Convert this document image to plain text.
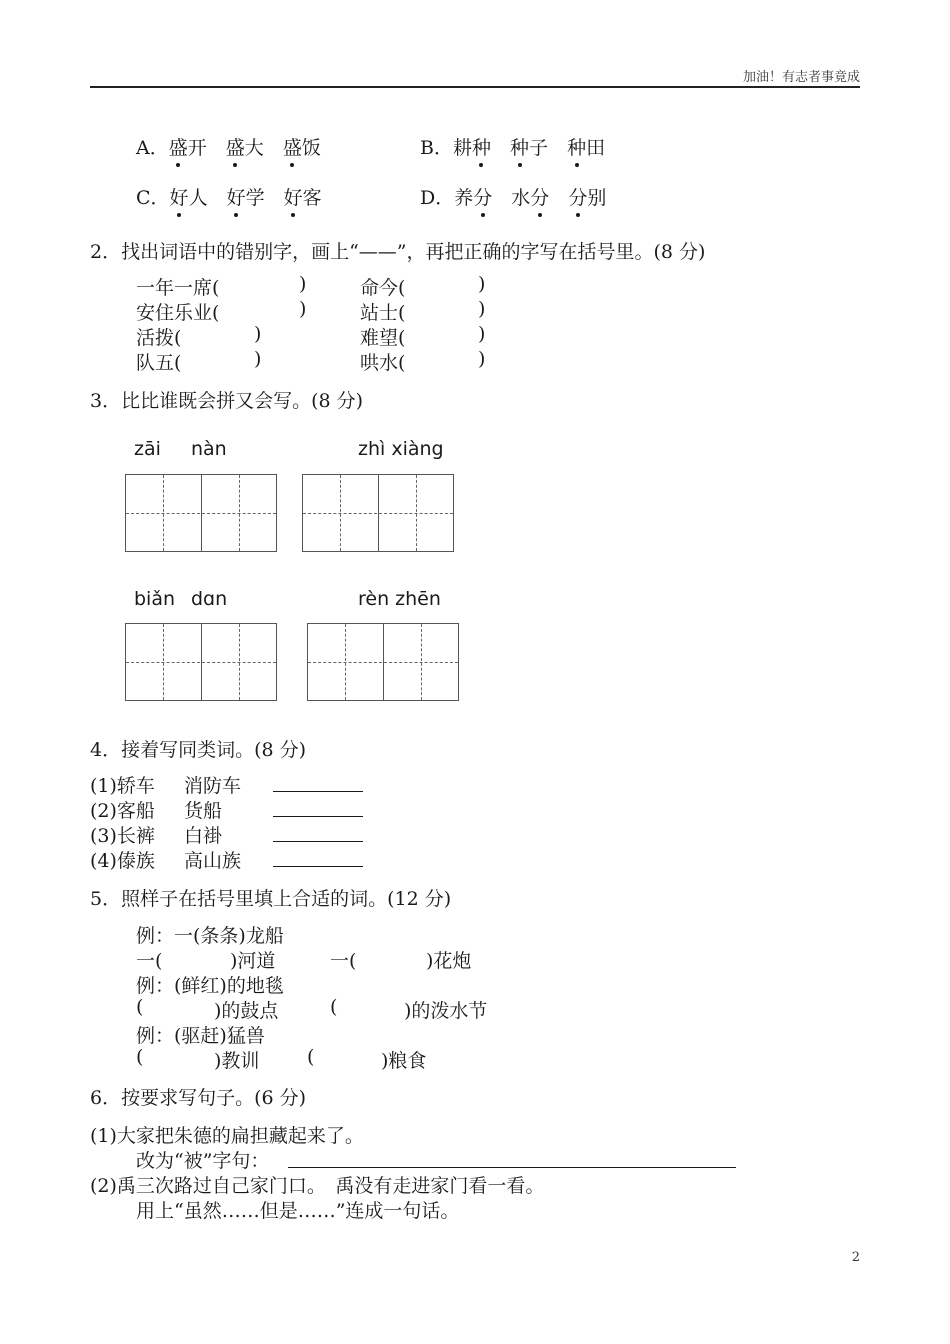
加油！有志者事竟成
A．盛开　 盛大　 盛饭	B．耕种　 种子　 种田
C．好人　 好学　 好客	D．养分　 水分　 分别
2．找出词语中的错别字，画上“——”，再把正确的字写在括号里。(8 分)
一年一席(	)	命今(	)
安住乐业(	)	站士(	)
活拨(	)	难望(	)
队五(	)	哄水(	)
3．比比谁既会拼又会写。(8 分)
zāi nàn	zhì xiàng
biǎn dɑn	rèn zhēn
4．接着写同类词。(8 分)
(1)轿车 消防车
(2)客船 货船
(3)长裤 白褂
(4)傣族 高山族
5．照样子在括号里填上合适的词。(12 分)
例：一(条条)龙船
一(	)河道	一(	)花炮
例：(鲜红)的地毯
(	)的鼓点	(	)的泼水节
例：(驱赶)猛兽
(	)教训	(	)粮食
6．按要求写句子。(6 分)
(1)大家把朱德的扁担藏起来了。
改为“被”字句：
(2)禹三次路过自己家门口。　禹没有走进家门看一看。
用上“虽然……但是……”连成一句话。
2
